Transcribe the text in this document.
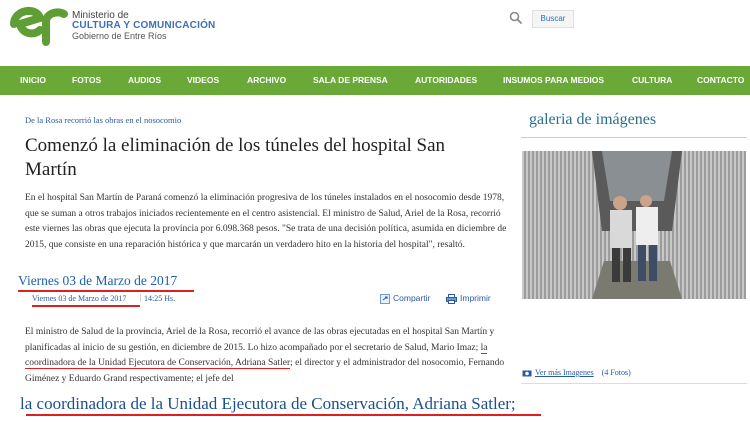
Ministerio de
CULTURA Y COMUNICACIÓN
Gobierno de Entre Ríos
Buscar
INICIO	FOTOS	AUDIOS	VIDEOS	ARCHIVO	SALA DE PRENSA	AUTORIDADES	INSUMOS PARA MEDIOS	CULTURA	CONTACTO
De la Rosa recorrió las obras en el nosocomio
Comenzó la eliminación de los túneles del hospital San Martín
En el hospital San Martín de Paraná comenzó la eliminación progresiva de los túneles instalados en el nosocomio desde 1978, que se suman a otros trabajos iniciados recientemente en el centro asistencial. El ministro de Salud, Ariel de la Rosa, recorrió este viernes las obras que ejecuta la provincia por 6.098.368 pesos. "Se trata de una decisión política, asumida en diciembre de 2015, que consiste en una reparación histórica y que marcarán un verdadero hito en la historia del hospital", resaltó.
Viernes 03 de Marzo de 2017
Viernes 03 de Marzo de 2017 | 14:25 Hs.	Compartir	Imprimir
El ministro de Salud de la provincia, Ariel de la Rosa, recorrió el avance de las obras ejecutadas en el hospital San Martín y planificadas al inicio de su gestión, en diciembre de 2015. Lo hizo acompañado por el secretario de Salud, Mario Imaz; la coordinadora de la Unidad Ejecutora de Conservación, Adriana Satler; el director y el administrador del nosocomio, Fernando Giménez y Eduardo Grand respectivamente; el jefe del
la coordinadora de la Unidad Ejecutora de Conservación, Adriana Satler;
galeria de imágenes
Ver más Imagenes (4 Fotos)
